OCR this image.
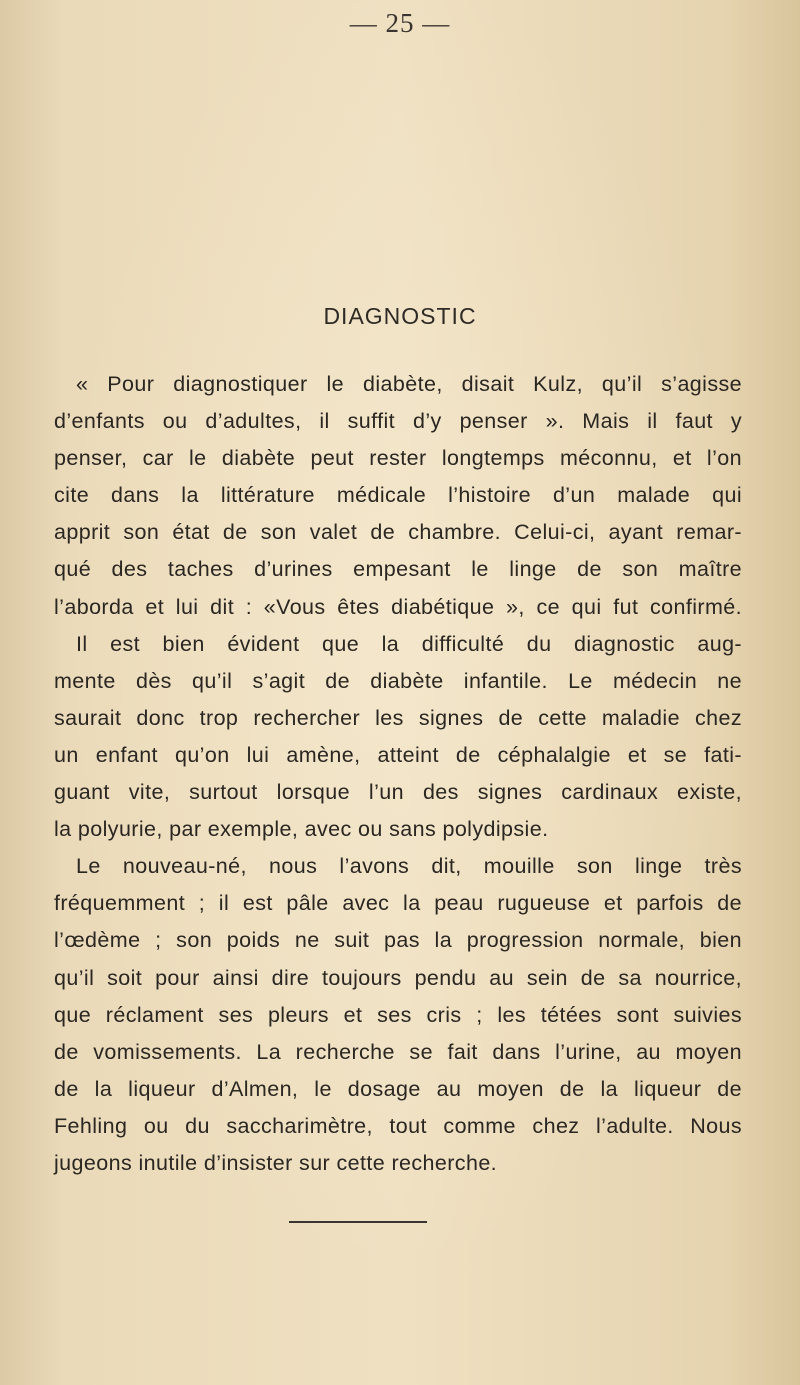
— 25 —
DIAGNOSTIC
« Pour diagnostiquer le diabète, disait Kulz, qu’il s’agisse
d’enfants ou d’adultes, il suffit d’y penser ». Mais il faut y
penser, car le diabète peut rester longtemps méconnu, et l’on
cite dans la littérature médicale l’histoire d’un malade qui
apprit son état de son valet de chambre. Celui-ci, ayant remar-
qué des taches d’urines empesant le linge de son maître
l’aborda et lui dit : «Vous êtes diabétique », ce qui fut confirmé.
Il est bien évident que la difficulté du diagnostic aug-
mente dès qu’il s’agit de diabète infantile. Le médecin ne
saurait donc trop rechercher les signes de cette maladie chez
un enfant qu’on lui amène, atteint de céphalalgie et se fati-
guant vite, surtout lorsque l’un des signes cardinaux existe,
la polyurie, par exemple, avec ou sans polydipsie.
Le nouveau-né, nous l’avons dit, mouille son linge très
fréquemment ; il est pâle avec la peau rugueuse et parfois de
l’œdème ; son poids ne suit pas la progression normale, bien
qu’il soit pour ainsi dire toujours pendu au sein de sa nourrice,
que réclament ses pleurs et ses cris ; les tétées sont suivies
de vomissements. La recherche se fait dans l’urine, au moyen
de la liqueur d’Almen, le dosage au moyen de la liqueur de
Fehling ou du saccharimètre, tout comme chez l’adulte. Nous
jugeons inutile d’insister sur cette recherche.
